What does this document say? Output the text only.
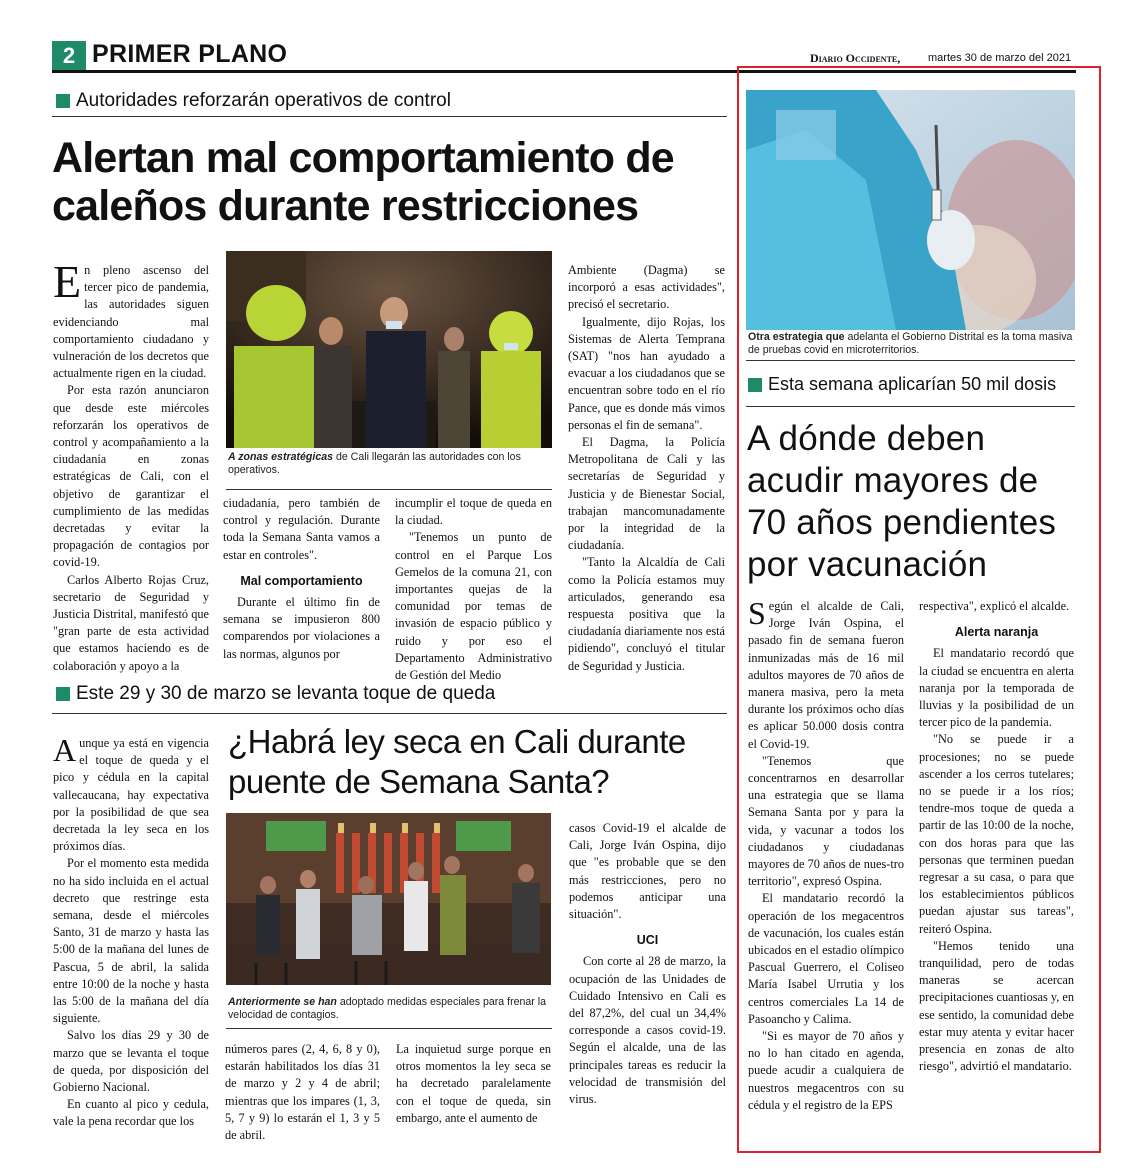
2 PRIMER PLANO	Diario Occidente,	martes 30 de marzo del 2021
Autoridades reforzarán operativos de control
Alertan mal comportamiento de caleños durante restricciones

En pleno ascenso del tercer pico de pandemia, las autoridades siguen evidenciando mal comportamiento ciudadano y vulneración de los decretos que actualmente rigen en la ciudad.

Por esta razón anunciaron que desde este miércoles reforzarán los operativos de control y acompañamiento a la ciudadanía en zonas estratégicas de Cali, con el objetivo de garantizar el cumplimiento de las medidas decretadas y evitar la propagación de contagios por covid-19.

Carlos Alberto Rojas Cruz, secretario de Seguridad y Justicia Distrital, manifestó que "gran parte de esta actividad que estamos haciendo es de colaboración y apoyo a la

A zonas estratégicas de Cali llegarán las autoridades con los operativos.

ciudadanía, pero también de control y regulación. Durante toda la Semana Santa vamos a estar en controles".

Mal comportamiento

Durante el último fin de semana se impusieron 800 comparendos por violaciones a las normas, algunos por

incumplir el toque de queda en la ciudad.

"Tenemos un punto de control en el Parque Los Gemelos de la comuna 21, con importantes quejas de la comunidad por temas de invasión de espacio público y ruido y por eso el Departamento Administrativo de Gestión del Medio

Ambiente (Dagma) se incorporó a esas actividades", precisó el secretario.

Igualmente, dijo Rojas, los Sistemas de Alerta Temprana (SAT) "nos han ayudado a evacuar a los ciudadanos que se encuentran sobre todo en el río Pance, que es donde más vimos personas el fin de semana".

El Dagma, la Policía Metropolitana de Cali y las secretarías de Seguridad y Justicia y de Bienestar Social, trabajan mancomunadamente por la integridad de la ciudadanía.

"Tanto la Alcaldía de Cali como la Policía estamos muy articulados, generando esa respuesta positiva que la ciudadanía diariamente nos está pidiendo", concluyó el titular de Seguridad y Justicia.

Este 29 y 30 de marzo se levanta toque de queda

Aunque ya está en vigencia el toque de queda y el pico y cédula en la capital vallecaucana, hay expectativa por la posibilidad de que sea decretada la ley seca en los próximos días.

Por el momento esta medida no ha sido incluida en el actual decreto que restringe esta semana, desde el miércoles Santo, 31 de marzo y hasta las 5:00 de la mañana del lunes de Pascua, 5 de abril, la salida entre 10:00 de la noche y hasta las 5:00 de la mañana del día siguiente.

Salvo los días 29 y 30 de marzo que se levanta el toque de queda, por disposición del Gobierno Nacional.

En cuanto al pico y cedula, vale la pena recordar que los

¿Habrá ley seca en Cali durante puente de Semana Santa?
Anteriormente se han adoptado medidas especiales para frenar la velocidad de contagios.

números pares (2, 4, 6, 8 y 0), estarán habilitados los días 31 de marzo y 2 y 4 de abril; mientras que los impares (1, 3, 5, 7 y 9) lo estarán el 1, 3 y 5 de abril.

La inquietud surge porque en otros momentos la ley seca se ha decretado paralelamente con el toque de queda, sin embargo, ante el aumento de

casos Covid-19 el alcalde de Cali, Jorge Iván Ospina, dijo que "es probable que se den más restricciones, pero no podemos anticipar una situación".

UCI

Con corte al 28 de marzo, la ocupación de las Unidades de Cuidado Intensivo en Cali es del 87,2%, del cual un 34,4% corresponde a casos covid-19. Según el alcalde, una de las principales tareas es reducir la velocidad de transmisión del virus.

Otra estrategia que adelanta el Gobierno Distrital es la toma masiva de pruebas covid en microterritorios.
Esta semana aplicarían 50 mil dosis
A dónde deben acudir mayores de 70 años pendientes por vacunación

Según el alcalde de Cali, Jorge Iván Ospina, el pasado fin de semana fueron inmunizadas más de 16 mil adultos mayores de 70 años de manera masiva, pero la meta durante los próximos ocho días es aplicar 50.000 dosis contra el Covid-19.

"Tenemos que concentrarnos en desarrollar una estrategia que se llama Semana Santa por y para la vida, y vacunar a todos los ciudadanos y ciudadanas mayores de 70 años de nues-tro territorio", expresó Ospina.

El mandatario recordó la operación de los megacentros de vacunación, los cuales están ubicados en el estadio olímpico Pascual Guerrero, el Coliseo María Isabel Urrutia y los centros comerciales La 14 de Pasoancho y Calima.

"Si es mayor de 70 años y no lo han citado en agenda, puede acudir a cualquiera de nuestros megacentros con su cédula y el registro de la EPS

respectiva", explicó el alcalde.

Alerta naranja

El mandatario recordó que la ciudad se encuentra en alerta naranja por la temporada de lluvias y la posibilidad de un tercer pico de la pandemia.

"No se puede ir a procesiones; no se puede ascender a los cerros tutelares; no se puede ir a los ríos; tendre-mos toque de queda a partir de las 10:00 de la noche, con dos horas para que las personas que terminen puedan regresar a su casa, o para que los establecimientos públicos puedan ajustar sus tareas", reiteró Ospina.

"Hemos tenido una tranquilidad, pero de todas maneras se acercan precipitaciones cuantiosas y, en ese sentido, la comunidad debe estar muy atenta y evitar hacer presencia en zonas de alto riesgo", advirtió el mandatario.
